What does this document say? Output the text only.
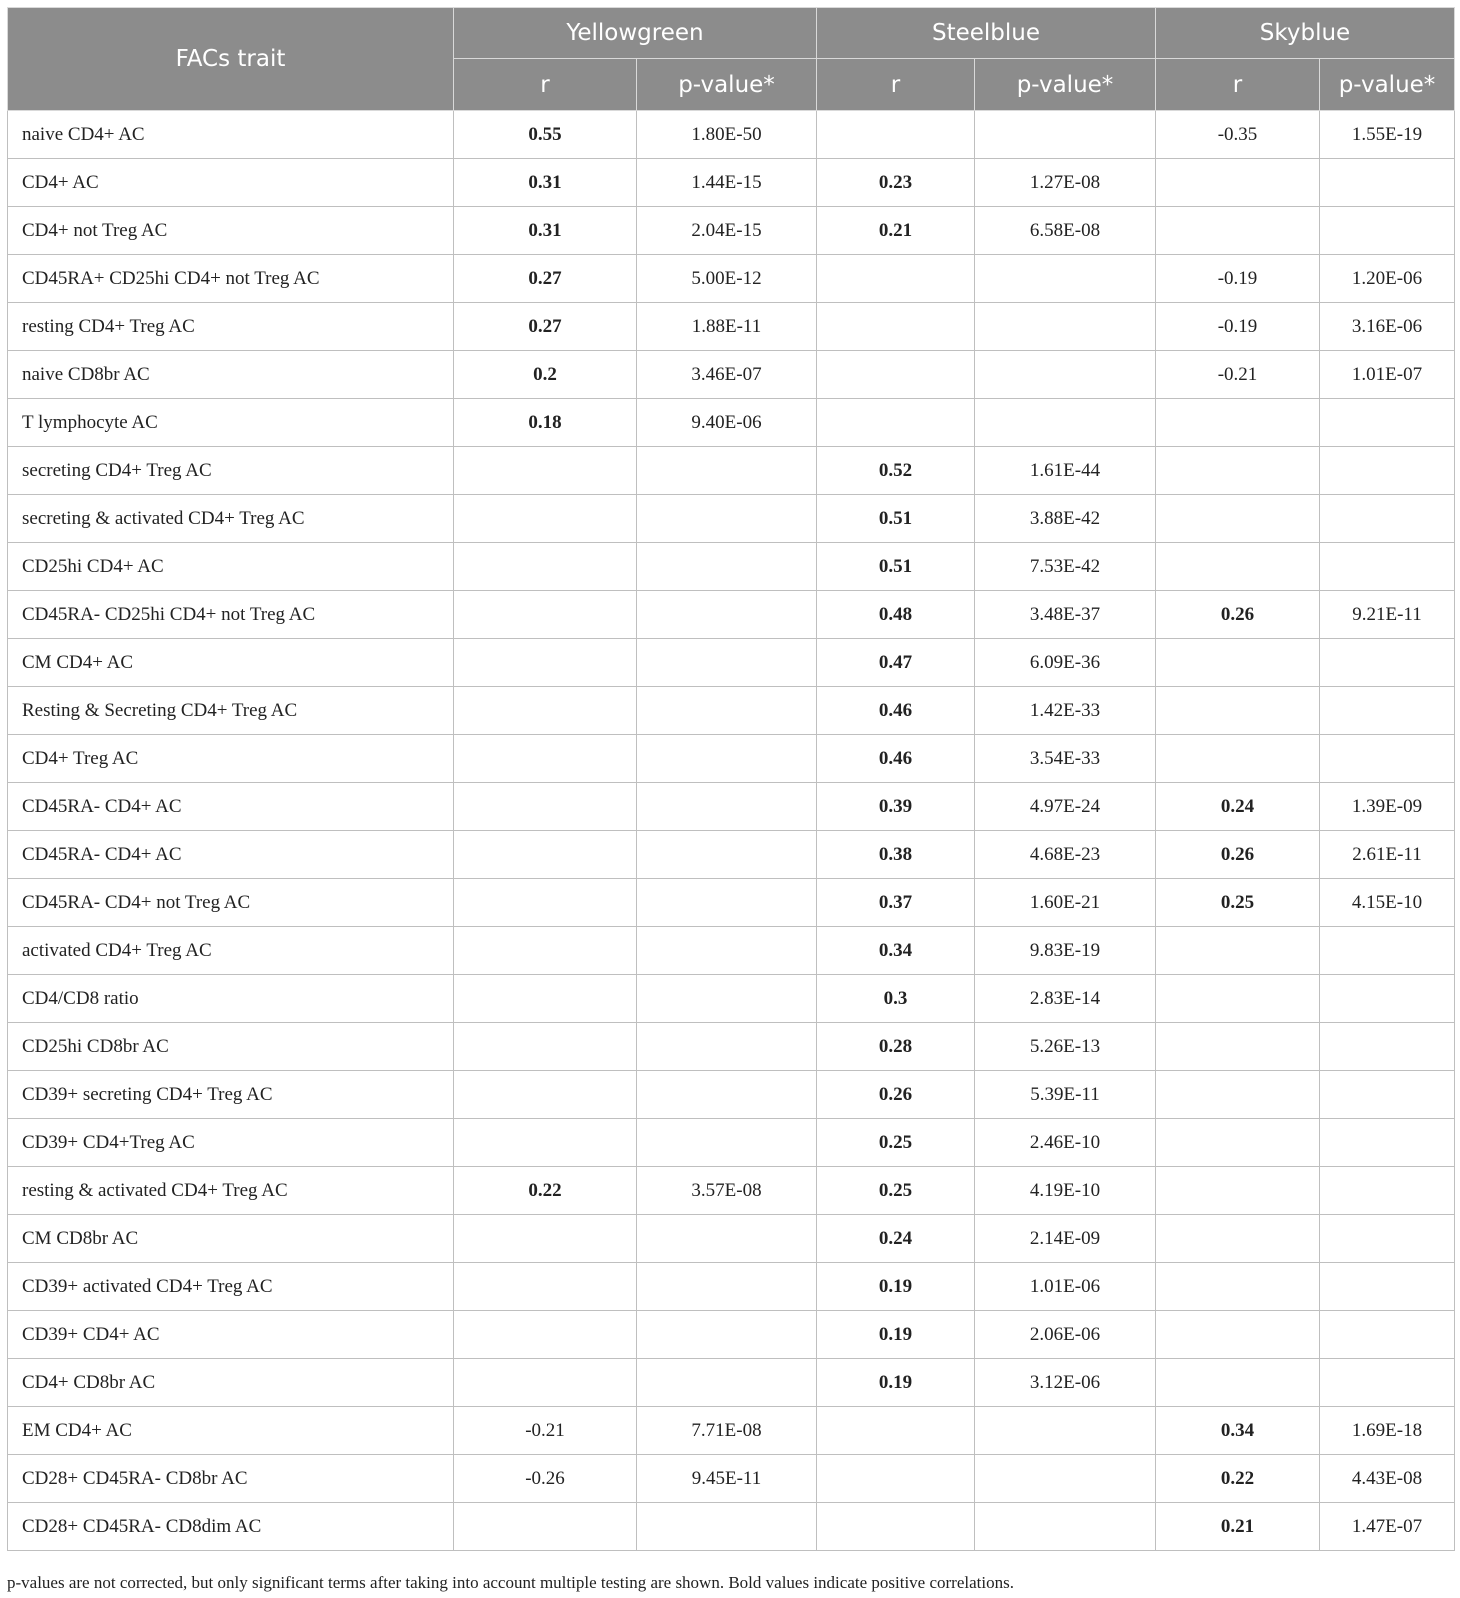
FACs trait	Yellowgreen		Steelblue		Skyblue	
	r	p-value*	r	p-value*	r	p-value*
naive CD4+ AC	0.55	1.80E-50			-0.35	1.55E-19
CD4+ AC	0.31	1.44E-15	0.23	1.27E-08		
CD4+ not Treg AC	0.31	2.04E-15	0.21	6.58E-08		
CD45RA+ CD25hi CD4+ not Treg AC	0.27	5.00E-12			-0.19	1.20E-06
resting CD4+ Treg AC	0.27	1.88E-11			-0.19	3.16E-06
naive CD8br AC	0.2	3.46E-07			-0.21	1.01E-07
T lymphocyte AC	0.18	9.40E-06				
secreting CD4+ Treg AC			0.52	1.61E-44		
secreting & activated CD4+ Treg AC			0.51	3.88E-42		
CD25hi CD4+ AC			0.51	7.53E-42		
CD45RA- CD25hi CD4+ not Treg AC			0.48	3.48E-37	0.26	9.21E-11
CM CD4+ AC			0.47	6.09E-36		
Resting & Secreting CD4+ Treg AC			0.46	1.42E-33		
CD4+ Treg AC			0.46	3.54E-33		
CD45RA- CD4+ AC			0.39	4.97E-24	0.24	1.39E-09
CD45RA- CD4+ AC			0.38	4.68E-23	0.26	2.61E-11
CD45RA- CD4+ not Treg AC			0.37	1.60E-21	0.25	4.15E-10
activated CD4+ Treg AC			0.34	9.83E-19		
CD4/CD8 ratio			0.3	2.83E-14		
CD25hi CD8br AC			0.28	5.26E-13		
CD39+ secreting CD4+ Treg AC			0.26	5.39E-11		
CD39+ CD4+Treg AC			0.25	2.46E-10		
resting & activated CD4+ Treg AC	0.22	3.57E-08	0.25	4.19E-10		
CM CD8br AC			0.24	2.14E-09		
CD39+ activated CD4+ Treg AC			0.19	1.01E-06		
CD39+ CD4+ AC			0.19	2.06E-06		
CD4+ CD8br AC			0.19	3.12E-06		
EM CD4+ AC	-0.21	7.71E-08			0.34	1.69E-18
CD28+ CD45RA- CD8br AC	-0.26	9.45E-11			0.22	4.43E-08
CD28+ CD45RA- CD8dim AC					0.21	1.47E-07
p-values are not corrected, but only significant terms after taking into account multiple testing are shown. Bold values indicate positive correlations.
